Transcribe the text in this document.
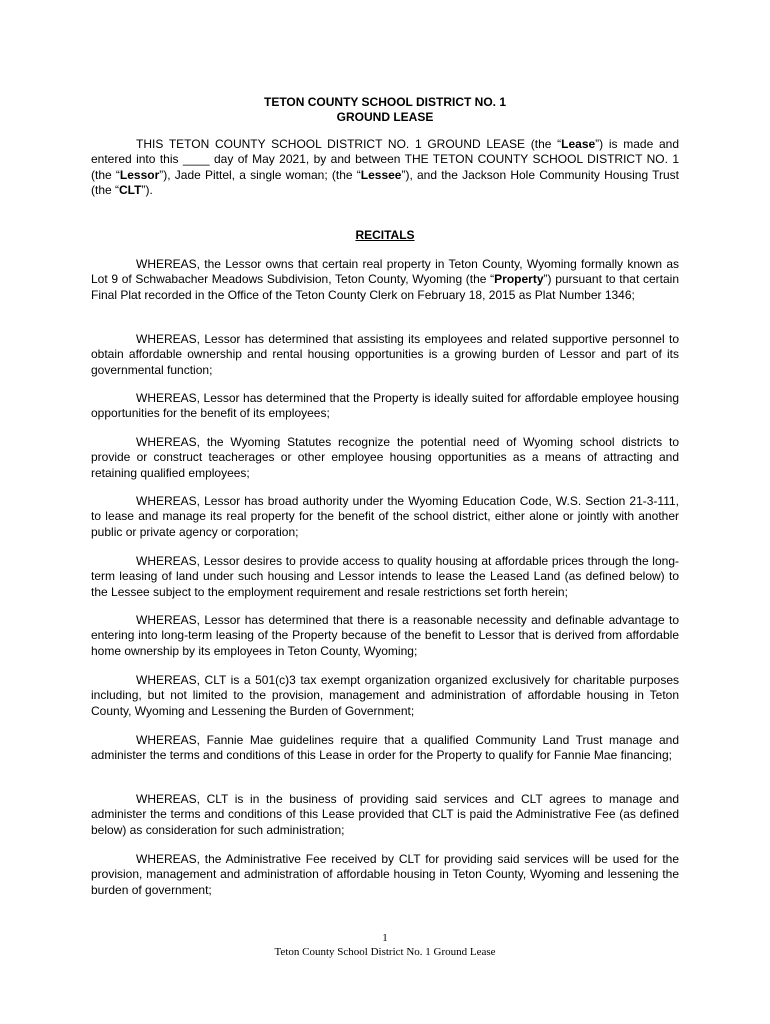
TETON COUNTY SCHOOL DISTRICT NO. 1
GROUND LEASE

THIS TETON COUNTY SCHOOL DISTRICT NO. 1 GROUND LEASE (the “Lease”) is made and entered into this ____ day of May 2021, by and between THE TETON COUNTY SCHOOL DISTRICT NO. 1 (the “Lessor”), Jade Pittel, a single woman; (the “Lessee”), and the Jackson Hole Community Housing Trust (the “CLT”).

RECITALS

WHEREAS, the Lessor owns that certain real property in Teton County, Wyoming formally known as Lot 9 of Schwabacher Meadows Subdivision, Teton County, Wyoming (the “Property”) pursuant to that certain Final Plat recorded in the Office of the Teton County Clerk on February 18, 2015 as Plat Number 1346;

WHEREAS, Lessor has determined that assisting its employees and related supportive personnel to obtain affordable ownership and rental housing opportunities is a growing burden of Lessor and part of its governmental function;

WHEREAS, Lessor has determined that the Property is ideally suited for affordable employee housing opportunities for the benefit of its employees;

WHEREAS, the Wyoming Statutes recognize the potential need of Wyoming school districts to provide or construct teacherages or other employee housing opportunities as a means of attracting and retaining qualified employees;

WHEREAS, Lessor has broad authority under the Wyoming Education Code, W.S. Section 21-3-111, to lease and manage its real property for the benefit of the school district, either alone or jointly with another public or private agency or corporation;

WHEREAS, Lessor desires to provide access to quality housing at affordable prices through the long-term leasing of land under such housing and Lessor intends to lease the Leased Land (as defined below) to the Lessee subject to the employment requirement and resale restrictions set forth herein;

WHEREAS, Lessor has determined that there is a reasonable necessity and definable advantage to entering into long-term leasing of the Property because of the benefit to Lessor that is derived from affordable home ownership by its employees in Teton County, Wyoming;

WHEREAS, CLT is a 501(c)3 tax exempt organization organized exclusively for charitable purposes including, but not limited to the provision, management and administration of affordable housing in Teton County, Wyoming and Lessening the Burden of Government;

WHEREAS, Fannie Mae guidelines require that a qualified Community Land Trust manage and administer the terms and conditions of this Lease in order for the Property to qualify for Fannie Mae financing;

WHEREAS, CLT is in the business of providing said services and CLT agrees to manage and administer the terms and conditions of this Lease provided that CLT is paid the Administrative Fee (as defined below) as consideration for such administration;

WHEREAS, the Administrative Fee received by CLT for providing said services will be used for the provision, management and administration of affordable housing in Teton County, Wyoming and lessening the burden of government;

1
Teton County School District No. 1 Ground Lease
